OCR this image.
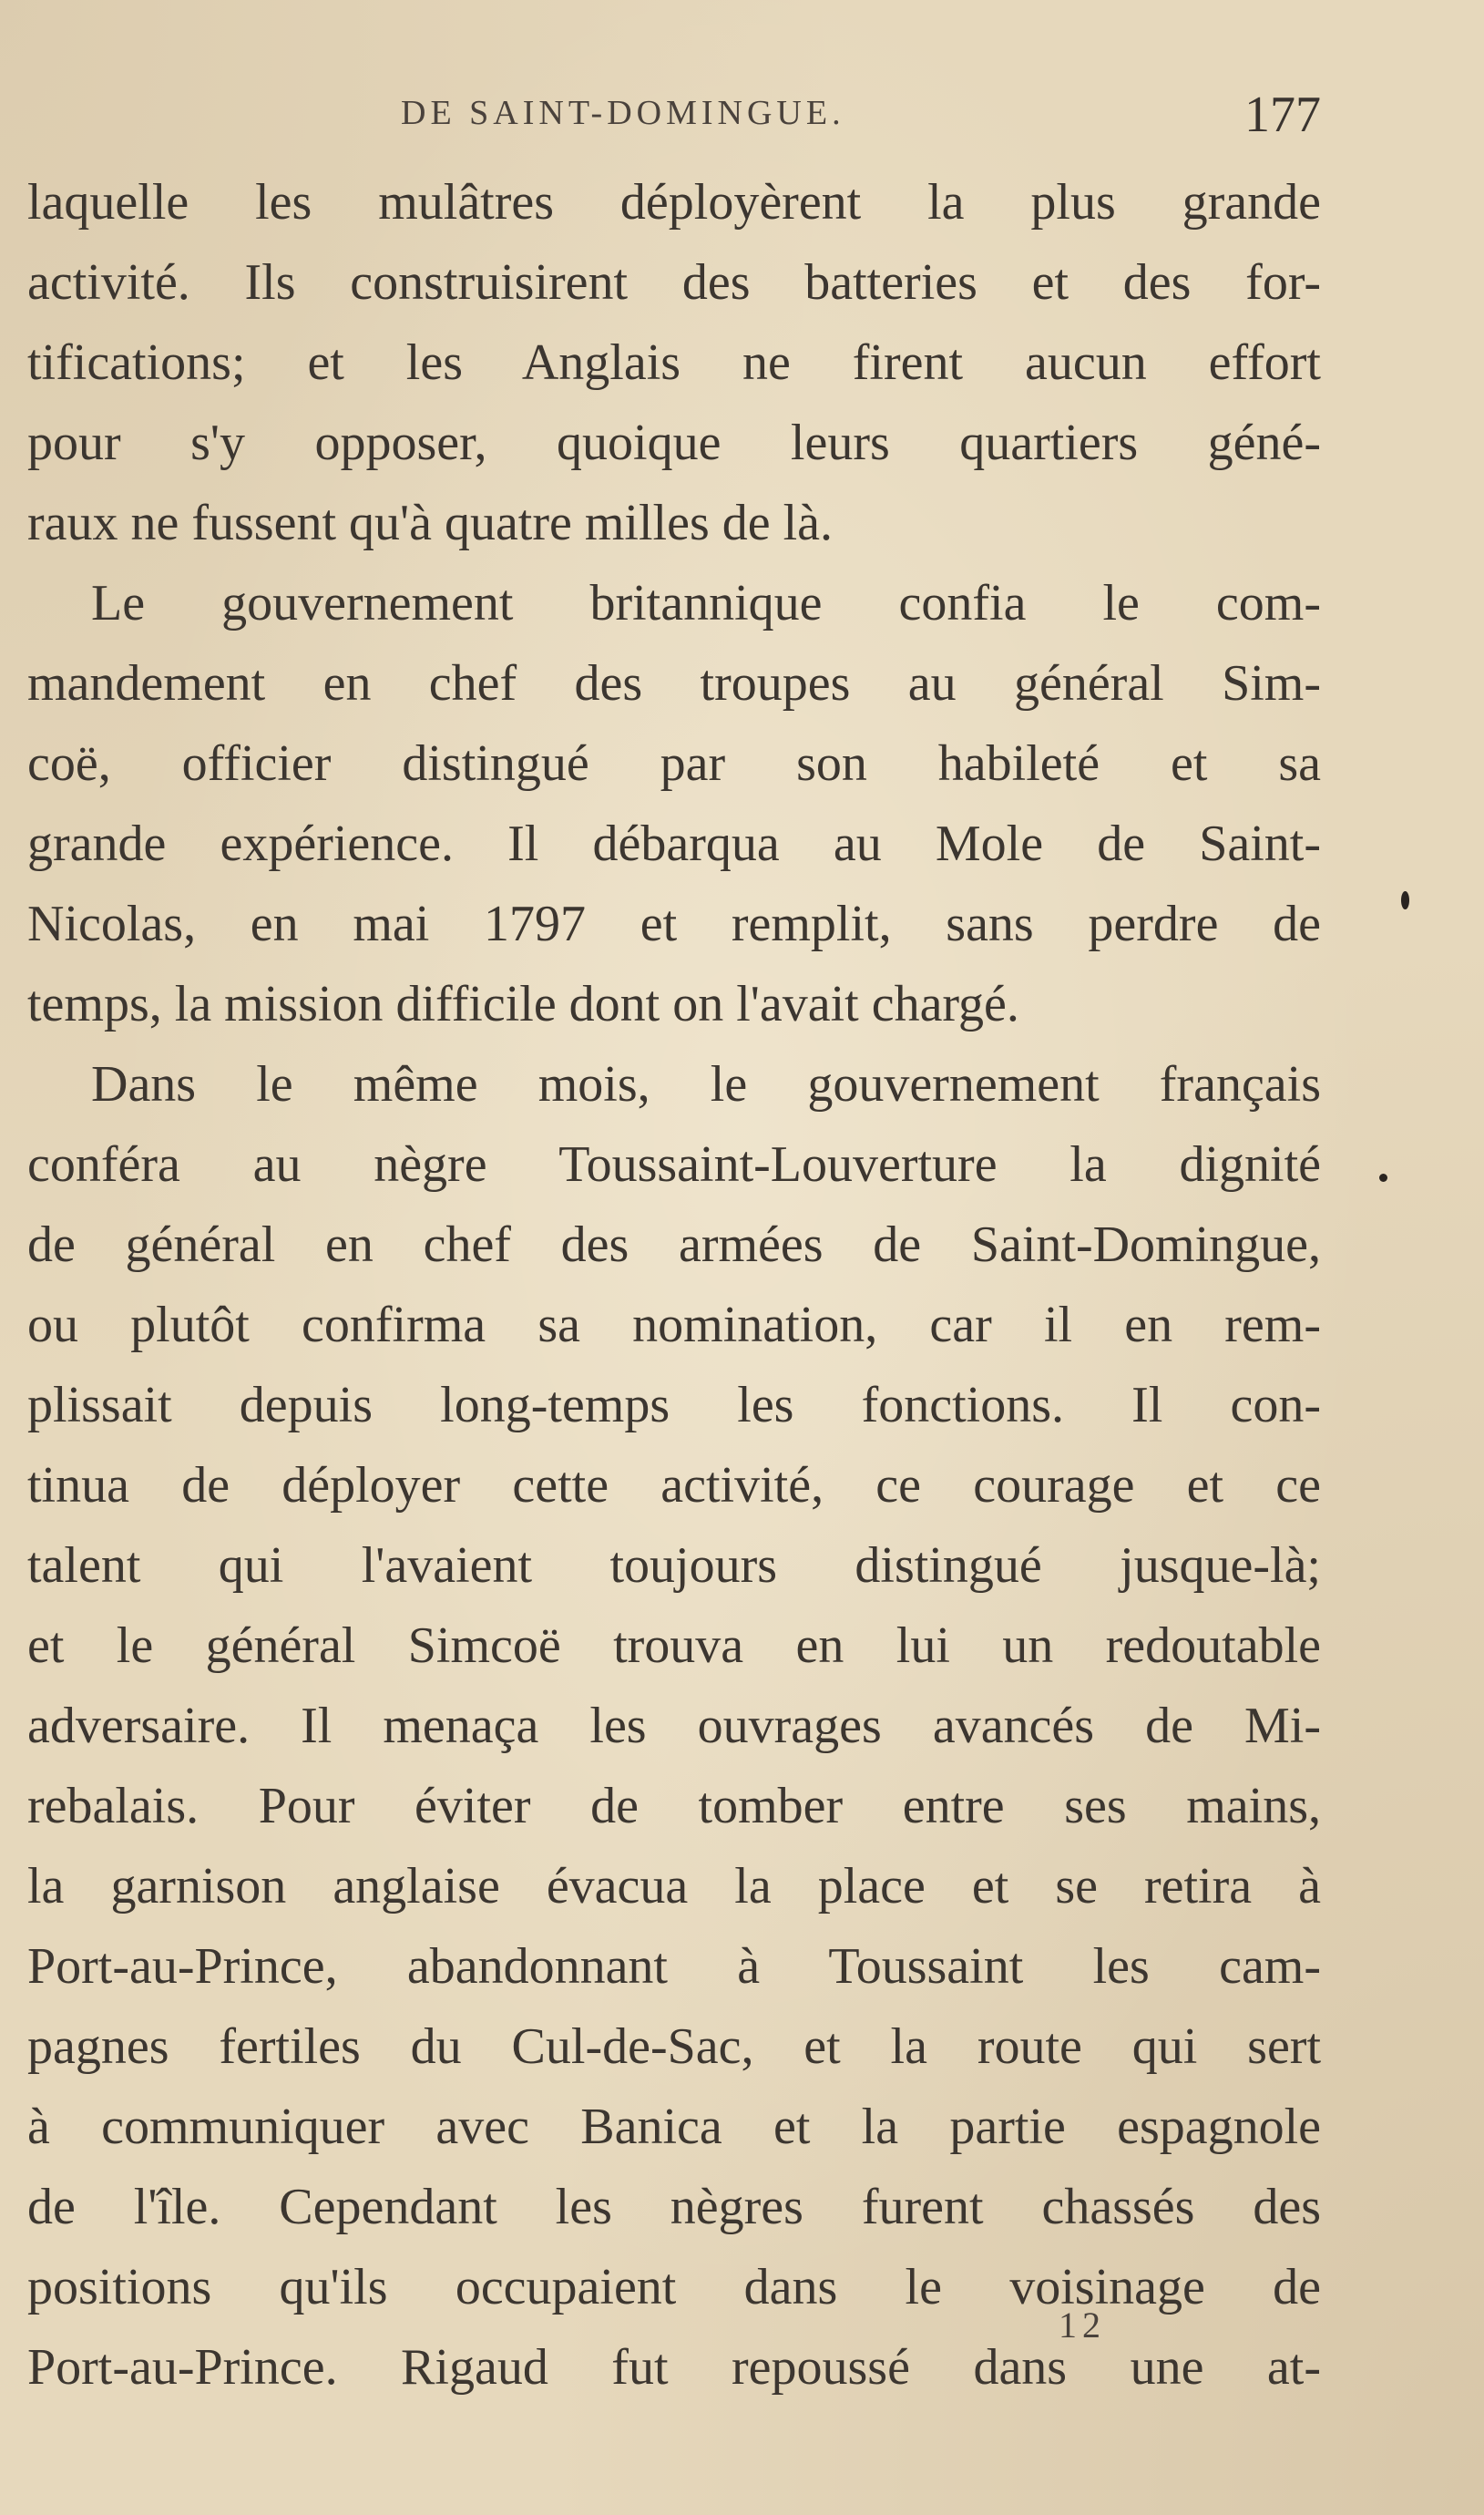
DE SAINT-DOMINGUE.	177
laquelle les mulâtres déployèrent la plus grande
activité. Ils construisirent des batteries et des for-
tifications; et les Anglais ne firent aucun effort
pour s'y opposer, quoique leurs quartiers géné-
raux ne fussent qu'à quatre milles de là.
Le gouvernement britannique confia le com-
mandement en chef des troupes au général Sim-
coë, officier distingué par son habileté et sa
grande expérience. Il débarqua au Mole de Saint-
Nicolas, en mai 1797 et remplit, sans perdre de
temps, la mission difficile dont on l'avait chargé.
Dans le même mois, le gouvernement français
conféra au nègre Toussaint-Louverture la dignité
de général en chef des armées de Saint-Domingue,
ou plutôt confirma sa nomination, car il en rem-
plissait depuis long-temps les fonctions. Il con-
tinua de déployer cette activité, ce courage et ce
talent qui l'avaient toujours distingué jusque-là;
et le général Simcoë trouva en lui un redoutable
adversaire. Il menaça les ouvrages avancés de Mi-
rebalais. Pour éviter de tomber entre ses mains,
la garnison anglaise évacua la place et se retira à
Port-au-Prince, abandonnant à Toussaint les cam-
pagnes fertiles du Cul-de-Sac, et la route qui sert
à communiquer avec Banica et la partie espagnole
de l'île. Cependant les nègres furent chassés des
positions qu'ils occupaient dans le voisinage de
Port-au-Prince. Rigaud fut repoussé dans une at-
12
